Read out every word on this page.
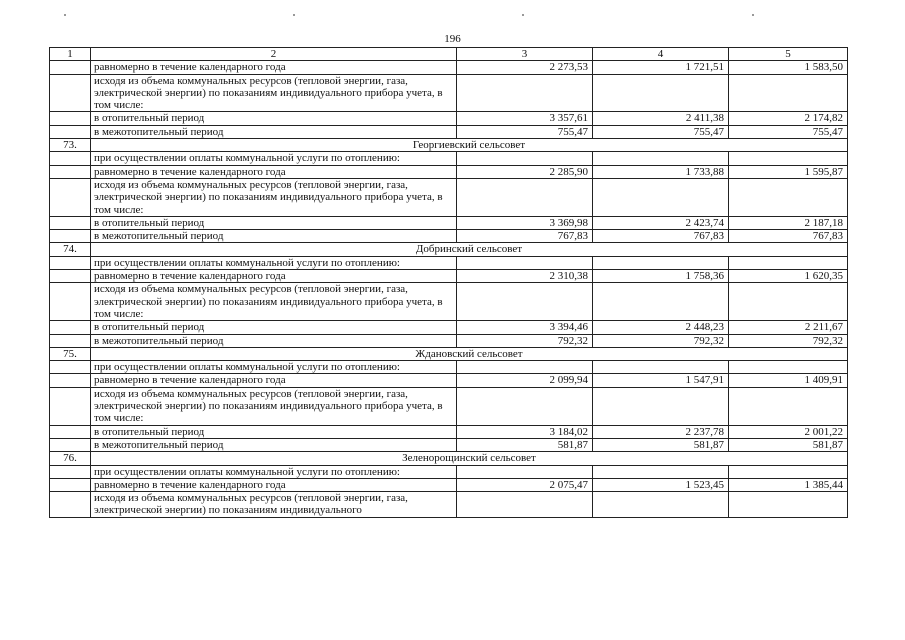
196
1	2	3	4	5
	равномерно в течение календарного года	2 273,53	1 721,51	1 583,50
	исходя из объема коммунальных ресурсов (тепловой энергии, газа, электрической энергии) по показаниям индивидуального прибора учета, в том числе:			
	в отопительный период	3 357,61	2 411,38	2 174,82
	в межотопительный период	755,47	755,47	755,47
73.	Георгиевский сельсовет			
	при осуществлении оплаты коммунальной услуги по отоплению:			
	равномерно в течение календарного года	2 285,90	1 733,88	1 595,87
	исходя из объема коммунальных ресурсов (тепловой энергии, газа, электрической энергии) по показаниям индивидуального прибора учета, в том числе:			
	в отопительный период	3 369,98	2 423,74	2 187,18
	в межотопительный период	767,83	767,83	767,83
74.	Добринский сельсовет			
	при осуществлении оплаты коммунальной услуги по отоплению:			
	равномерно в течение календарного года	2 310,38	1 758,36	1 620,35
	исходя из объема коммунальных ресурсов (тепловой энергии, газа, электрической энергии) по показаниям индивидуального прибора учета, в том числе:			
	в отопительный период	3 394,46	2 448,23	2 211,67
	в межотопительный период	792,32	792,32	792,32
75.	Ждановский сельсовет			
	при осуществлении оплаты коммунальной услуги по отоплению:			
	равномерно в течение календарного года	2 099,94	1 547,91	1 409,91
	исходя из объема коммунальных ресурсов (тепловой энергии, газа, электрической энергии) по показаниям индивидуального прибора учета, в том числе:			
	в отопительный период	3 184,02	2 237,78	2 001,22
	в межотопительный период	581,87	581,87	581,87
76.	Зеленорощинский сельсовет			
	при осуществлении оплаты коммунальной услуги по отоплению:			
	равномерно в течение календарного года	2 075,47	1 523,45	1 385,44
	исходя из объема коммунальных ресурсов (тепловой энергии, газа, электрической энергии) по показаниям индивидуального			
